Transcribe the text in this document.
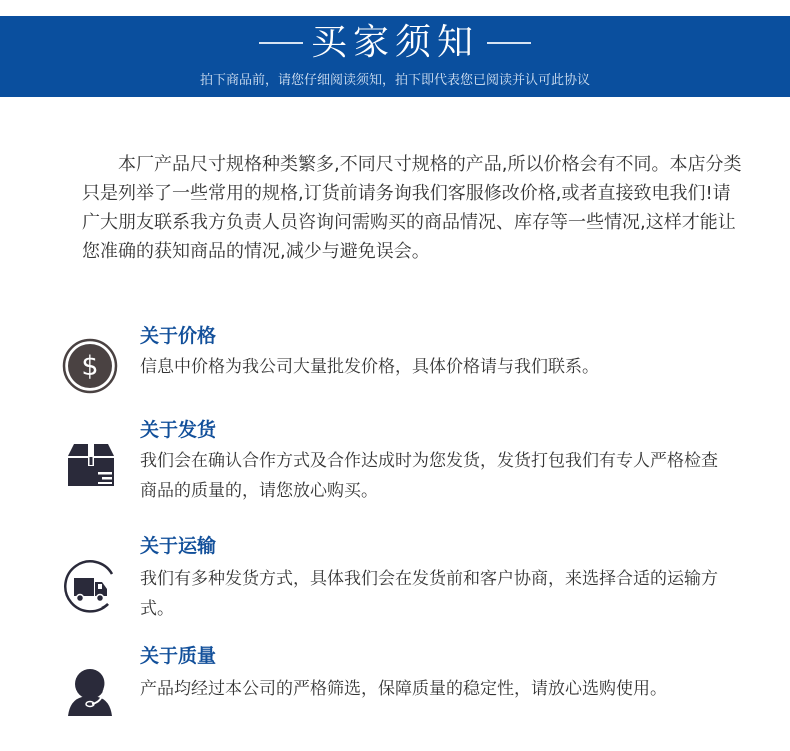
买家须知
拍下商品前，请您仔细阅读须知，拍下即代表您已阅读并认可此协议

本厂产品尺寸规格种类繁多,不同尺寸规格的产品,所以价格会有不同。本店分类只是列举了一些常用的规格,订货前请务询我们客服修改价格,或者直接致电我们!请广大朋友联系我方负责人员咨询问需购买的商品情况、库存等一些情况,这样才能让您准确的获知商品的情况,减少与避免误会。

关于价格
$ 信息中价格为我公司大量批发价格，具体价格请与我们联系。
关于发货
我们会在确认合作方式及合作达成时为您发货，发货打包我们有专人严格检查商品的质量的，请您放心购买。
关于运输
我们有多种发货方式，具体我们会在发货前和客户协商，来选择合适的运输方式。
关于质量
产品均经过本公司的严格筛选，保障质量的稳定性，请放心选购使用。
